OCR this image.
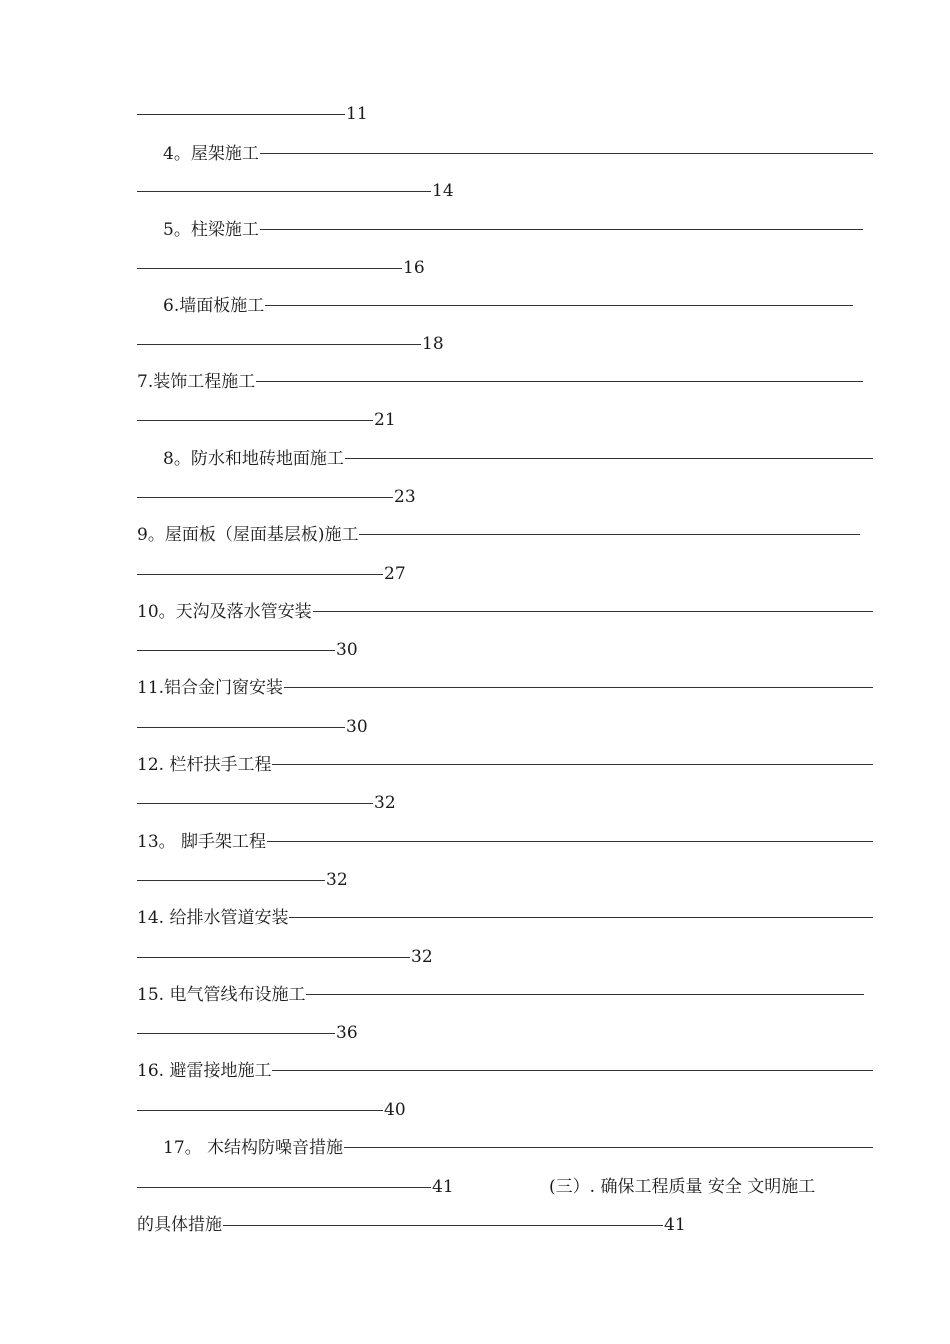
11
4。屋架施工
14
5。柱梁施工
16
6.墙面板施工
18
7.装饰工程施工
21
8。防水和地砖地面施工
23
9。屋面板（屋面基层板)施工
27
10。天沟及落水管安装
30
11.铝合金门窗安装
30
12. 栏杆扶手工程
32
13。 脚手架工程
32
14. 给排水管道安装
32
15. 电气管线布设施工
36
16. 避雷接地施工
40
17。 木结构防噪音措施
41	(三）. 确保工程质量 安全 文明施工
的具体措施	41
